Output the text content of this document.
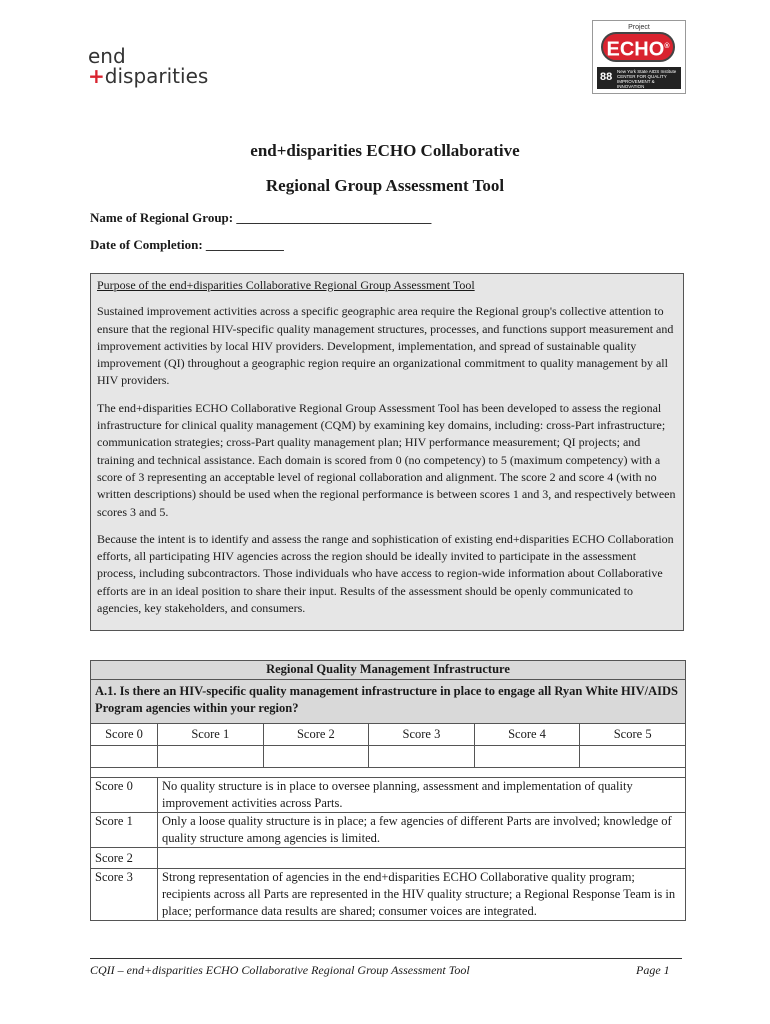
end
+disparities
Project
ECHO®
88 New York State AIDS Institute
CENTER FOR QUALITY
IMPROVEMENT & INNOVATION
end+disparities ECHO Collaborative
Regional Group Assessment Tool
Name of Regional Group: ______________________________
Date of Completion: ____________
Purpose of the end+disparities Collaborative Regional Group Assessment Tool

Sustained improvement activities across a specific geographic area require the Regional group's collective attention to ensure that the regional HIV-specific quality management structures, processes, and functions support measurement and improvement activities by local HIV providers. Development, implementation, and spread of sustainable quality improvement (QI) throughout a geographic region require an organizational commitment to quality management by all HIV providers.

The end+disparities ECHO Collaborative Regional Group Assessment Tool has been developed to assess the regional infrastructure for clinical quality management (CQM) by examining key domains, including: cross-Part infrastructure; communication strategies; cross-Part quality management plan; HIV performance measurement; QI projects; and training and technical assistance. Each domain is scored from 0 (no competency) to 5 (maximum competency) with a score of 3 representing an acceptable level of regional collaboration and alignment. The score 2 and score 4 (with no written descriptions) should be used when the regional performance is between scores 1 and 3, and respectively between scores 3 and 5.

Because the intent is to identify and assess the range and sophistication of existing end+disparities ECHO Collaboration efforts, all participating HIV agencies across the region should be ideally invited to participate in the assessment process, including subcontractors. Those individuals who have access to region-wide information about Collaborative efforts are in an ideal position to share their input. Results of the assessment should be openly communicated to agencies, key stakeholders, and consumers.

Regional Quality Management Infrastructure					
A.1. Is there an HIV-specific quality management infrastructure in place to engage all Ryan White HIV/AIDS Program agencies within your region?					
Score 0	Score 1	Score 2	Score 3	Score 4	Score 5

Score 0	No quality structure is in place to oversee planning, assessment and implementation of quality improvement activities across Parts.				
Score 1	Only a loose quality structure is in place; a few agencies of different Parts are involved; knowledge of quality structure among agencies is limited.				
Score 2					
Score 3	Strong representation of agencies in the end+disparities ECHO Collaborative quality program; recipients across all Parts are represented in the HIV quality structure; a Regional Response Team is in place; performance data results are shared; consumer voices are integrated.				
CQII – end+disparities ECHO Collaborative Regional Group Assessment Tool	Page 1
